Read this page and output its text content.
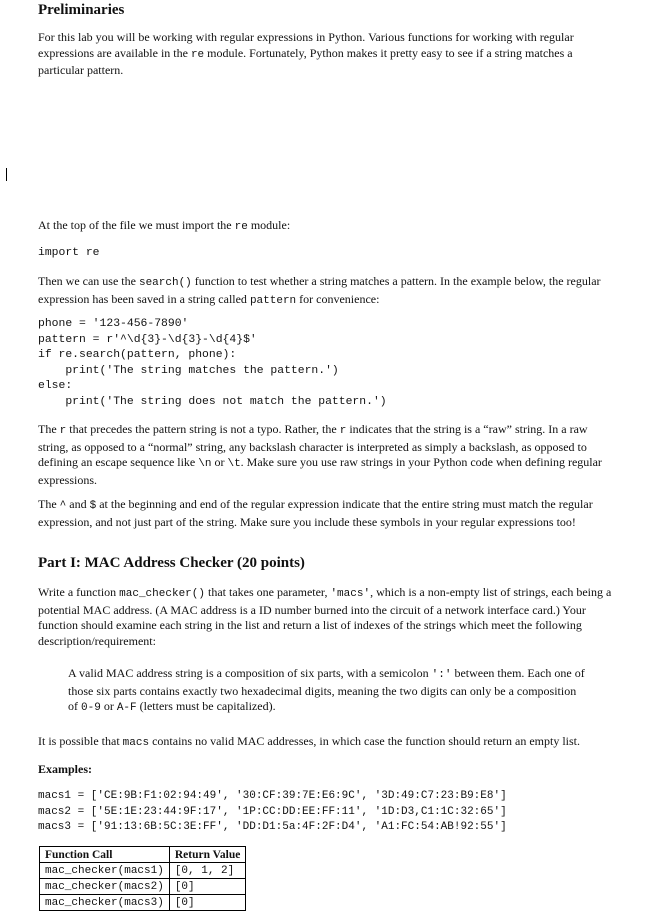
Preliminaries

For this lab you will be working with regular expressions in Python. Various functions for working with regular expressions are available in the re module. Fortunately, Python makes it pretty easy to see if a string matches a particular pattern.

At the top of the file we must import the re module:

import re

Then we can use the search() function to test whether a string matches a pattern. In the example below, the regular expression has been saved in a string called pattern for convenience:

phone = '123-456-7890'
pattern = r'^\d{3}-\d{3}-\d{4}$'
if re.search(pattern, phone):
print('The string matches the pattern.')
else:
print('The string does not match the pattern.')

The r that precedes the pattern string is not a typo. Rather, the r indicates that the string is a “raw” string. In a raw string, as opposed to a “normal” string, any backslash character is interpreted as simply a backslash, as opposed to defining an escape sequence like \n or \t. Make sure you use raw strings in your Python code when defining regular expressions.

The ^ and $ at the beginning and end of the regular expression indicate that the entire string must match the regular expression, and not just part of the string. Make sure you include these symbols in your regular expressions too!

Part I: MAC Address Checker (20 points)

Write a function mac_checker() that takes one parameter, 'macs', which is a non-empty list of strings, each being a potential MAC address. (A MAC address is a ID number burned into the circuit of a network interface card.) Your function should examine each string in the list and return a list of indexes of the strings which meet the following description/requirement:

A valid MAC address string is a composition of six parts, with a semicolon ':' between them. Each one of those six parts contains exactly two hexadecimal digits, meaning the two digits can only be a composition of 0-9 or A-F (letters must be capitalized).

It is possible that macs contains no valid MAC addresses, in which case the function should return an empty list.

Examples:

macs1 = ['CE:9B:F1:02:94:49', '30:CF:39:7E:E6:9C', '3D:49:C7:23:B9:E8']
macs2 = ['5E:1E:23:44:9F:17', '1P:CC:DD:EE:FF:11', '1D:D3,C1:1C:32:65']
macs3 = ['91:13:6B:5C:3E:FF', 'DD:D1:5a:4F:2F:D4', 'A1:FC:54:AB!92:55']
Function Call	Return Value
mac_checker(macs1)	[0, 1, 2]
mac_checker(macs2)	[0]
mac_checker(macs3)	[0]
